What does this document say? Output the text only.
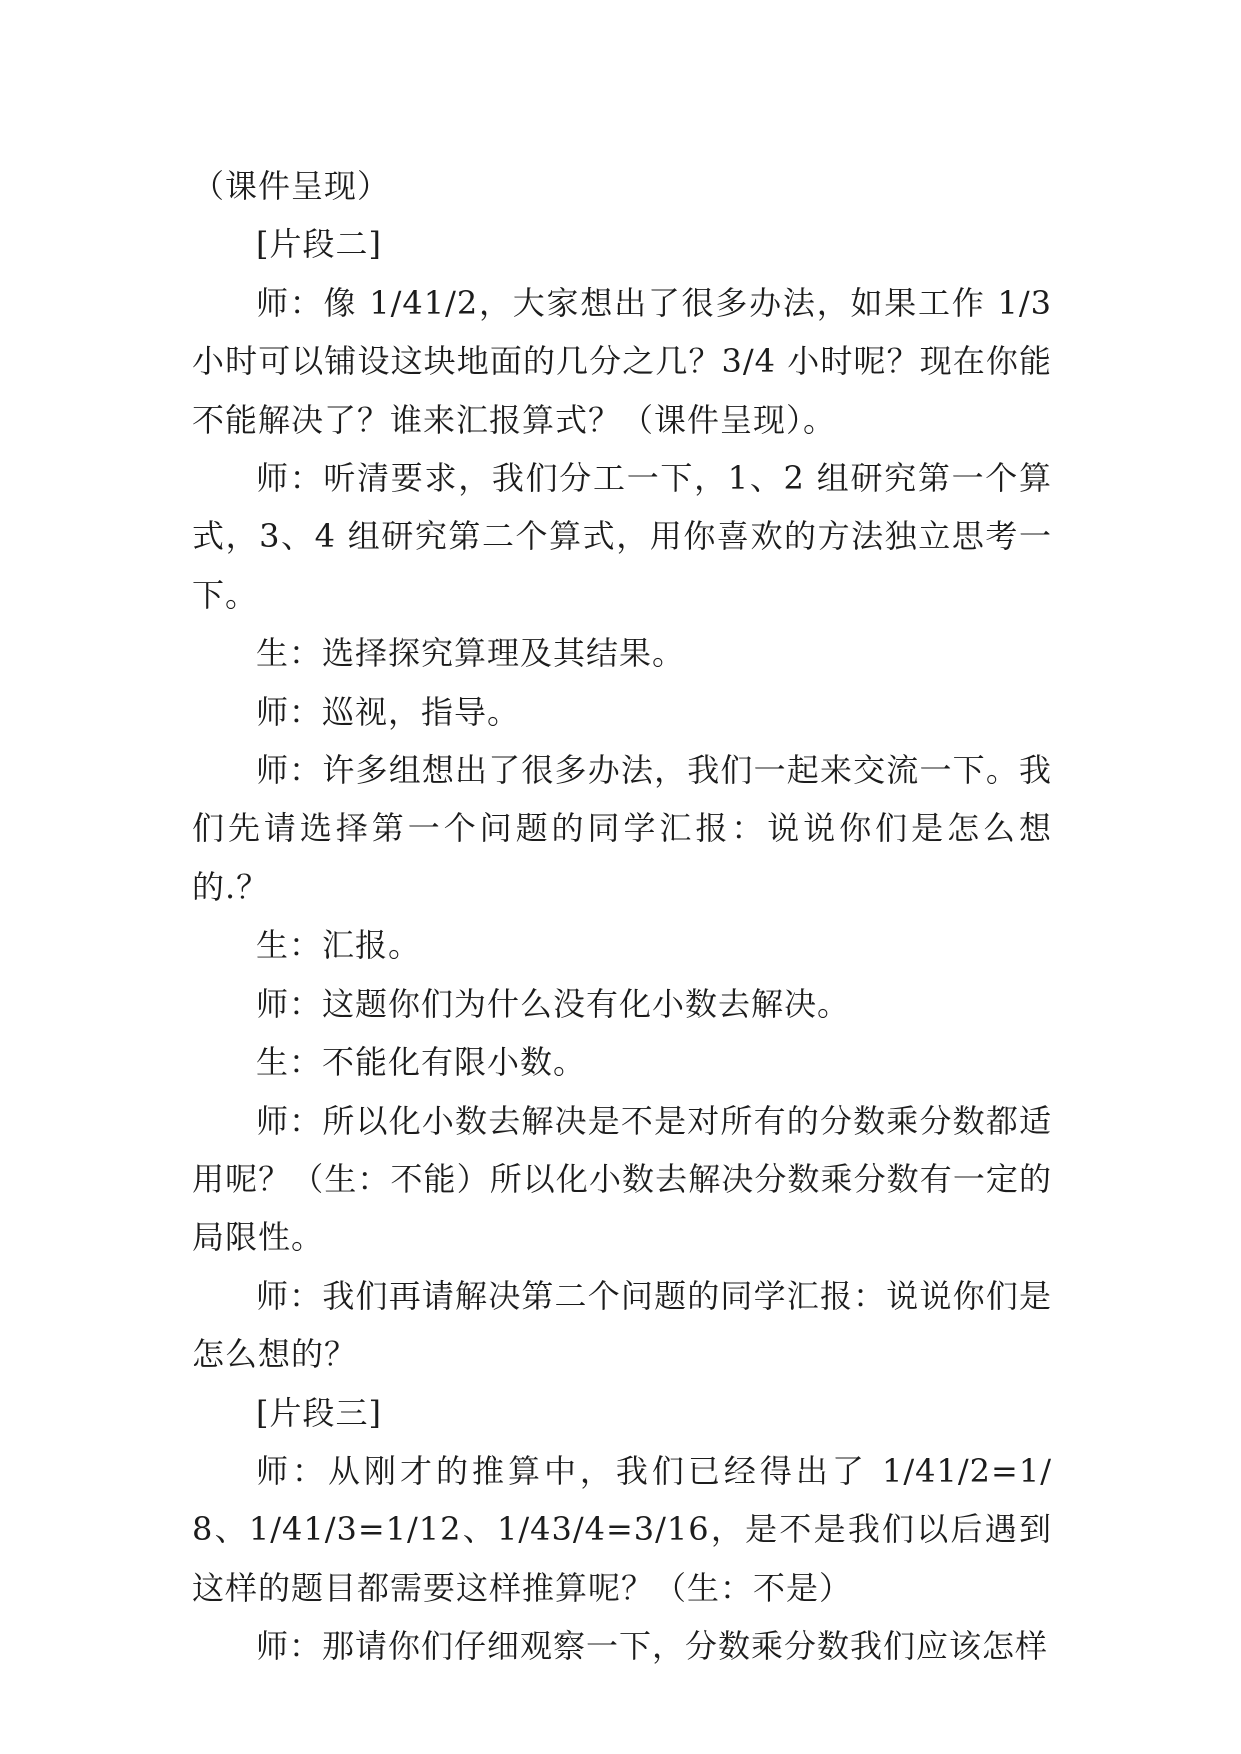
（课件呈现）

[片段二]

师：像 1/41/2，大家想出了很多办法，如果工作 1/3 小时可以铺设这块地面的几分之几？3/4 小时呢？现在你能不能解决了？谁来汇报算式？（课件呈现）。

师：听清要求，我们分工一下，1、2 组研究第一个算式，3、4 组研究第二个算式，用你喜欢的方法独立思考一下。

生：选择探究算理及其结果。

师：巡视，指导。

师：许多组想出了很多办法，我们一起来交流一下。我们先请选择第一个问题的同学汇报：说说你们是怎么想的.？

生：汇报。

师：这题你们为什么没有化小数去解决。

生：不能化有限小数。

师：所以化小数去解决是不是对所有的分数乘分数都适用呢？（生：不能）所以化小数去解决分数乘分数有一定的局限性。

师：我们再请解决第二个问题的同学汇报：说说你们是怎么想的？

[片段三]

师：从刚才的推算中，我们已经得出了 1/41/2=1/8、1/41/3=1/12、1/43/4=3/16，是不是我们以后遇到这样的题目都需要这样推算呢？（生：不是）

师：那请你们仔细观察一下，分数乘分数我们应该怎样
